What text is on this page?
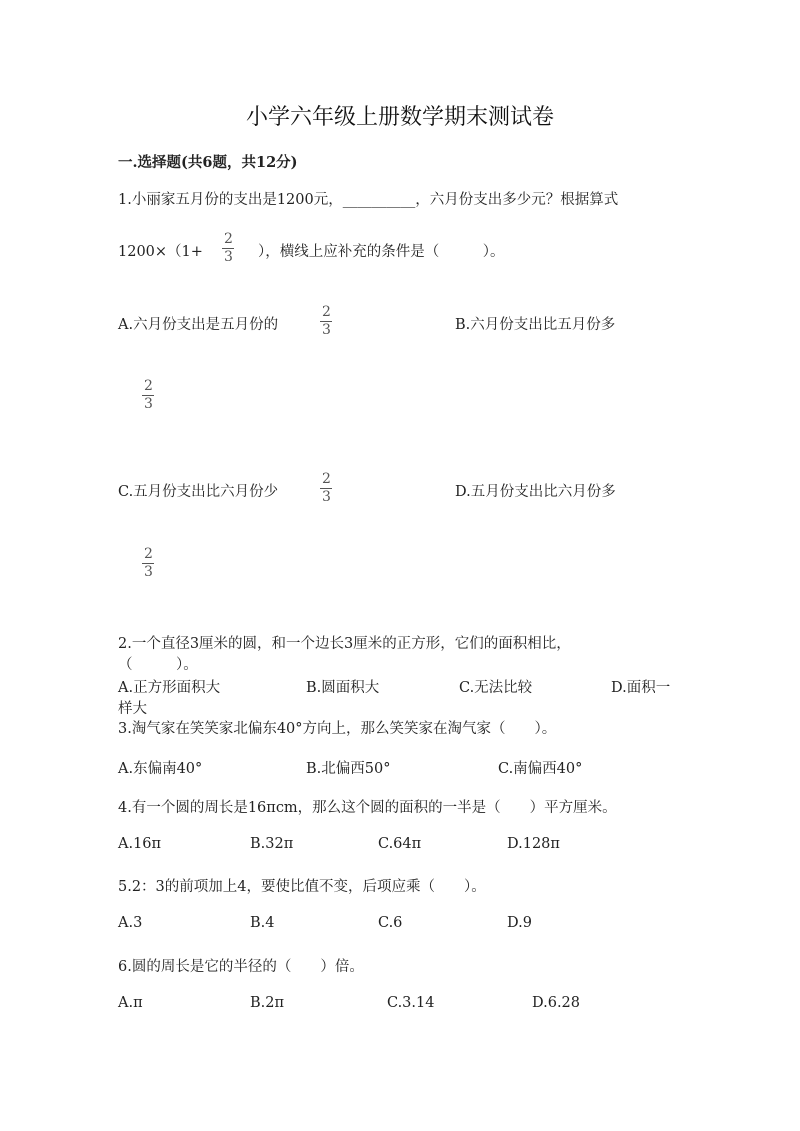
小学六年级上册数学期末测试卷
一.选择题(共6题，共12分)
1.小丽家五月份的支出是1200元，__________，六月份支出多少元？根据算式
1200×（1+
2
3 ），横线上应补充的条件是（　　　）。
A.六月份支出是五月份的
2
3	B.六月份支出比五月份多
2
3
C.五月份支出比六月份少
2
3	D.五月份支出比六月份多
2
3
2.一个直径3厘米的圆，和一个边长3厘米的正方形，它们的面积相比，
（　　　）。
A.正方形面积大	B.圆面积大	C.无法比较	D.面积一
样大
3.淘气家在笑笑家北偏东40°方向上，那么笑笑家在淘气家（　　）。
A.东偏南40°	B.北偏西50°	C.南偏西40°
4.有一个圆的周长是16πcm，那么这个圆的面积的一半是（　　）平方厘米。
A.16π	B.32π	C.64π	D.128π
5.2：3的前项加上4，要使比值不变，后项应乘（　　）。
A.3	B.4	C.6	D.9
6.圆的周长是它的半径的（　　）倍。
A.π	B.2π	C.3.14	D.6.28
